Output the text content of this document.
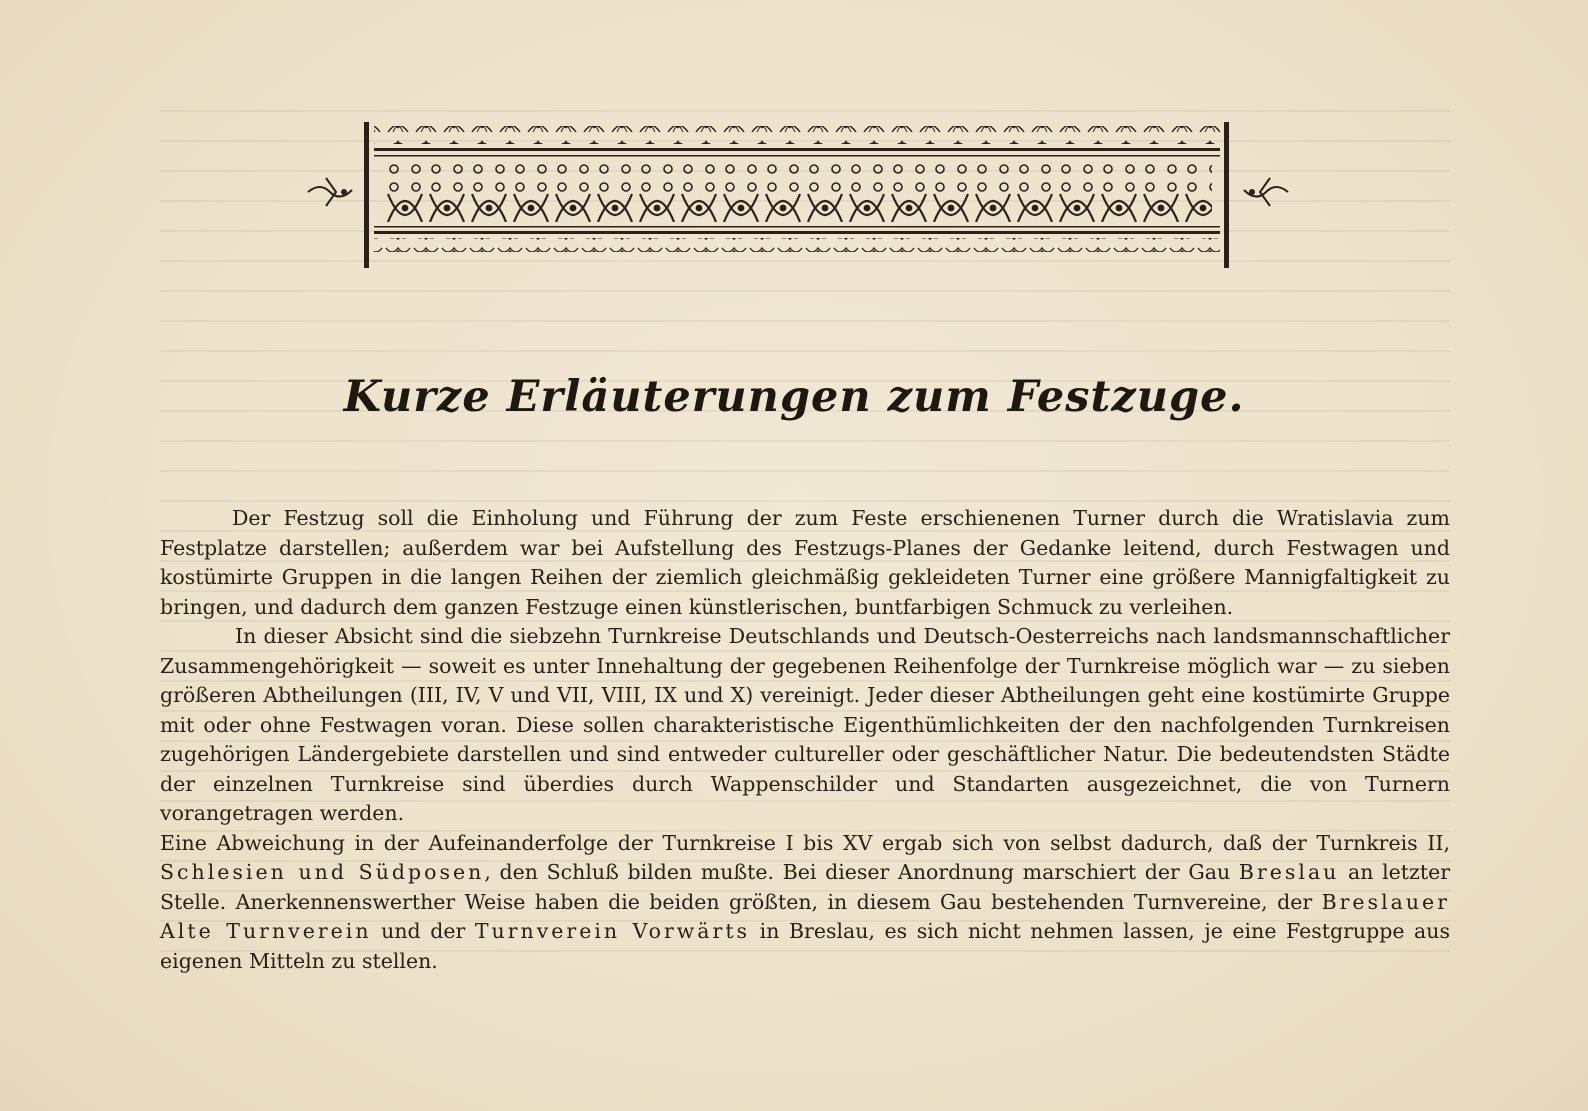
Kurze Erläuterungen zum Festzuge.

Der Festzug soll die Einholung und Führung der zum Feste erschienenen Turner durch die Wratislavia zum Festplatze darstellen; außerdem war bei Aufstellung des Festzugs-Planes der Gedanke leitend, durch Festwagen und kostümirte Gruppen in die langen Reihen der ziemlich gleichmäßig gekleideten Turner eine größere Mannigfaltigkeit zu bringen, und dadurch dem ganzen Festzuge einen künstlerischen, buntfarbigen Schmuck zu verleihen.

In dieser Absicht sind die siebzehn Turnkreise Deutschlands und Deutsch-Oesterreichs nach landsmannschaftlicher Zusammengehörigkeit — soweit es unter Innehaltung der gegebenen Reihenfolge der Turnkreise möglich war — zu sieben größeren Abtheilungen (III, IV, V und VII, VIII, IX und X) vereinigt. Jeder dieser Abtheilungen geht eine kostümirte Gruppe mit oder ohne Festwagen voran. Diese sollen charakteristische Eigenthümlichkeiten der den nachfolgenden Turnkreisen zugehörigen Ländergebiete darstellen und sind entweder cultureller oder geschäftlicher Natur. Die bedeutendsten Städte der einzelnen Turnkreise sind überdies durch Wappenschilder und Standarten ausgezeichnet, die von Turnern vorangetragen werden.

Eine Abweichung in der Aufeinanderfolge der Turnkreise I bis XV ergab sich von selbst dadurch, daß der Turnkreis II, Schlesien und Südposen, den Schluß bilden mußte. Bei dieser Anordnung marschiert der Gau Breslau an letzter Stelle. Anerkennenswerther Weise haben die beiden größten, in diesem Gau bestehenden Turnvereine, der Breslauer Alte Turnverein und der Turnverein Vorwärts in Breslau, es sich nicht nehmen lassen, je eine Festgruppe aus eigenen Mitteln zu stellen.
